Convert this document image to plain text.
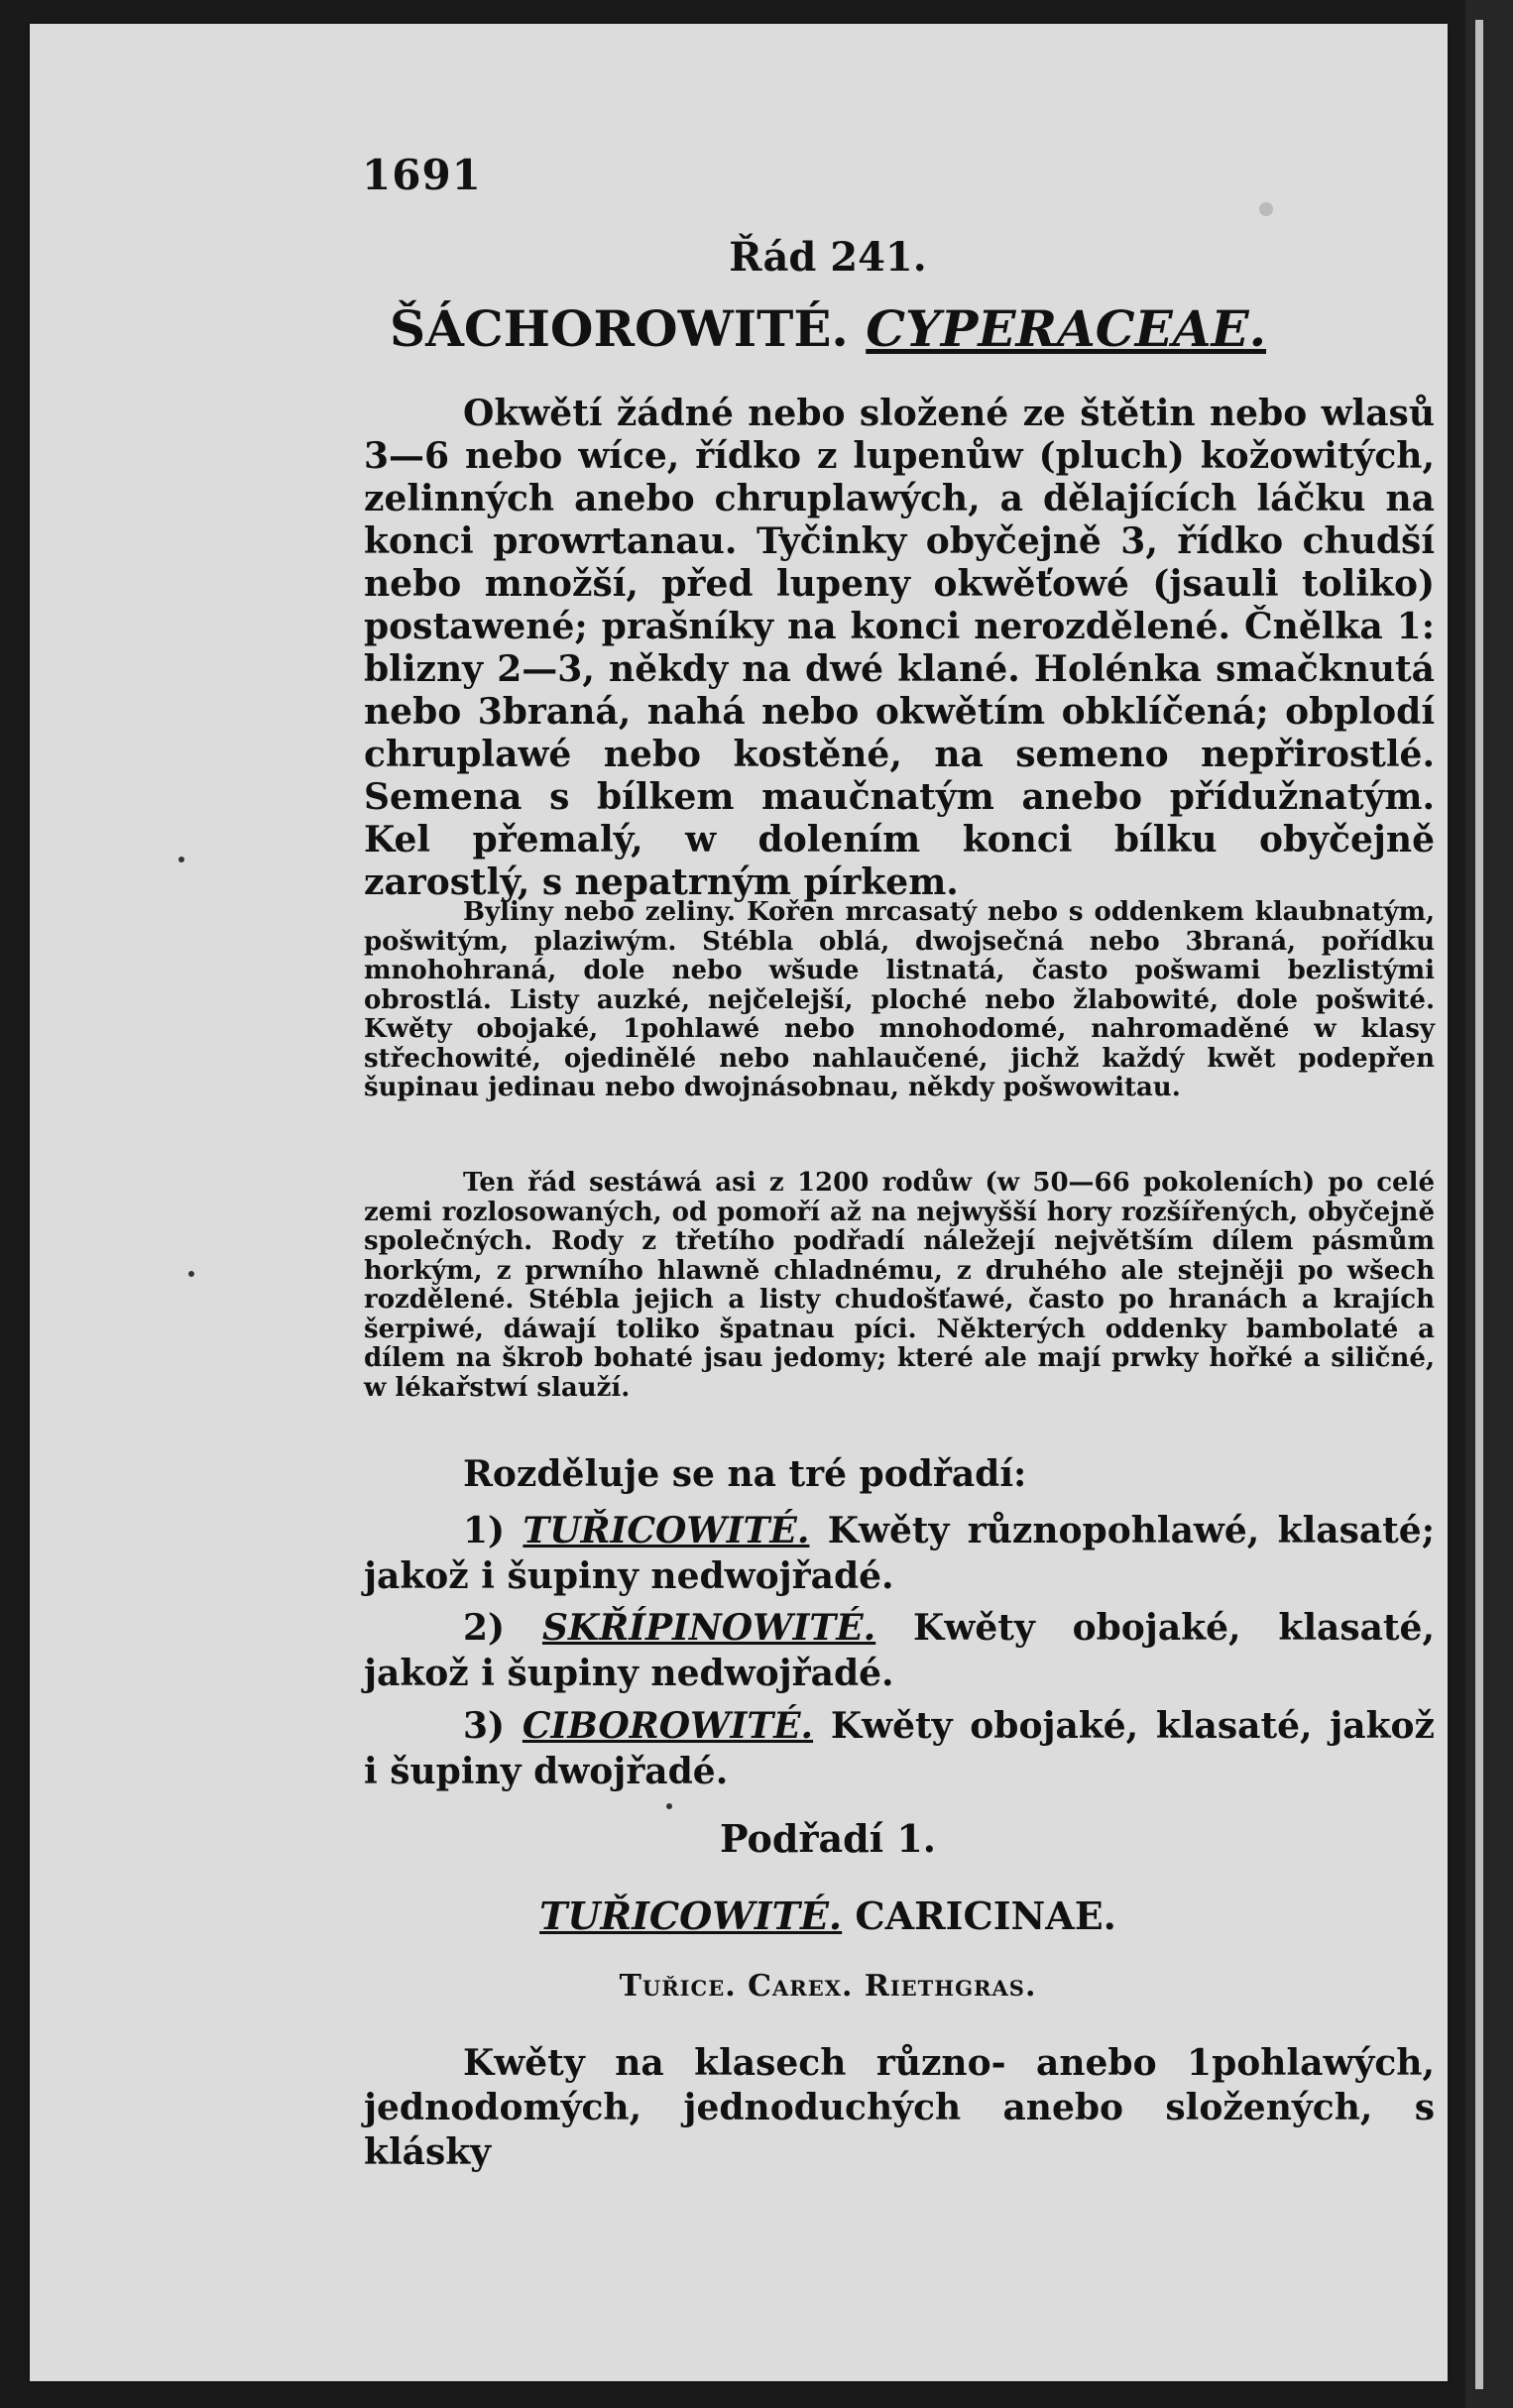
1691
Řád 241.
ŠÁCHOROWITÉ. CYPERACEAE.
Okwětí žádné nebo složené ze štětin nebo wlasů 3—6 nebo wíce, řídko z lupenůw (pluch) kožowitých, zelinných anebo chruplawých, a dělajících láčku na konci prowrtanau. Tyčinky obyčejně 3, řídko chudší nebo množší, před lupeny okwěťowé (jsauli toliko) postawené; prašníky na konci nerozdělené. Čnělka 1: blizny 2—3, někdy na dwé klané. Holénka smačknutá nebo 3braná, nahá nebo okwětím obklíčená; obplodí chruplawé nebo kostěné, na semeno nepřirostlé. Semena s bílkem maučnatým anebo přídužnatým. Kel přemalý, w dolením konci bílku obyčejně zarostlý, s nepatrným pírkem.
Byliny nebo zeliny. Kořen mrcasatý nebo s oddenkem klaubnatým, pošwitým, plaziwým. Stébla oblá, dwojsečná nebo 3braná, pořídku mnohohraná, dole nebo wšude listnatá, často pošwami bezlistými obrostlá. Listy auzké, nejčelejší, ploché nebo žlabowité, dole pošwité. Kwěty obojaké, 1pohlawé nebo mnohodomé, nahromaděné w klasy střechowité, ojedinělé nebo nahlaučené, jichž každý kwět podepřen šupinau jedinau nebo dwojnásobnau, někdy pošwowitau.
Ten řád sestáwá asi z 1200 rodůw (w 50—66 pokoleních) po celé zemi rozlosowaných, od pomoří až na nejwyšší hory rozšířených, obyčejně společných. Rody z třetího podřadí náležejí největším dílem pásmům horkým, z prwního hlawně chladnému, z druhého ale stejněji po wšech rozdělené. Stébla jejich a listy chudošťawé, často po hranách a krajích šerpiwé, dáwají toliko špatnau píci. Některých oddenky bambolaté a dílem na škrob bohaté jsau jedomy; které ale mají prwky hořké a siličné, w lékařstwí slauží.
Rozděluje se na tré podřadí:
1) TUŘICOWITÉ. Kwěty různopohlawé, klasaté; jakož i šupiny nedwojřadé.
2) SKŘÍPINOWITÉ. Kwěty obojaké, klasaté, jakož i šupiny nedwojřadé.
3) CIBOROWITÉ. Kwěty obojaké, klasaté, jakož i šupiny dwojřadé.
Podřadí 1.
TUŘICOWITÉ. CARICINAE.
Tuřice. Carex. Riethgras.
Kwěty na klasech různo- anebo 1pohlawých, jednodomých, jednoduchých anebo složených, s klásky
